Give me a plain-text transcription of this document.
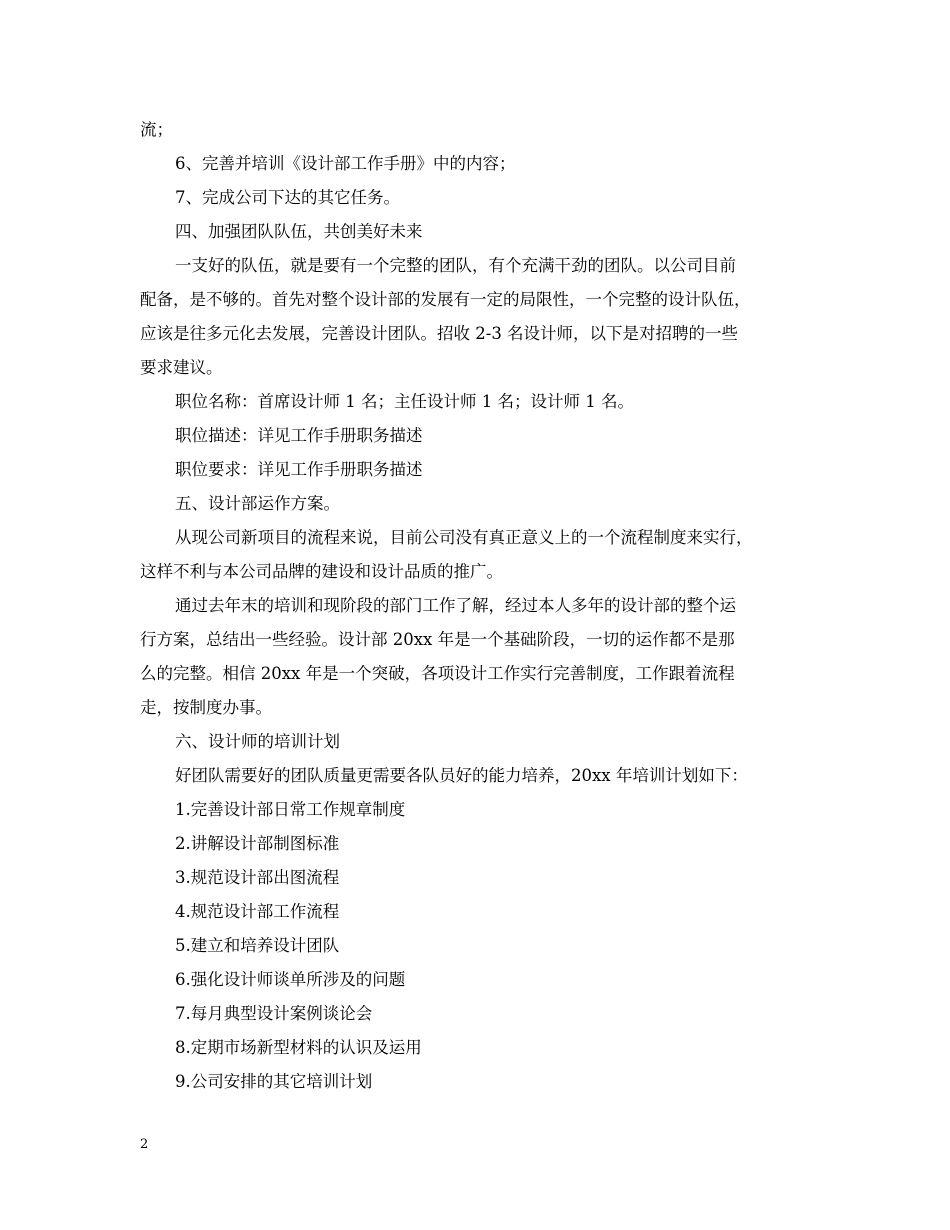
流；
6、完善并培训《设计部工作手册》中的内容；
7、完成公司下达的其它任务。
四、加强团队队伍，共创美好未来
一支好的队伍，就是要有一个完整的团队，有个充满干劲的团队。以公司目前
配备，是不够的。首先对整个设计部的发展有一定的局限性，一个完整的设计队伍，
应该是往多元化去发展，完善设计团队。招收 2-3 名设计师，以下是对招聘的一些
要求建议。
职位名称：首席设计师 1 名；主任设计师 1 名；设计师 1 名。
职位描述：详见工作手册职务描述
职位要求：详见工作手册职务描述
五、设计部运作方案。
从现公司新项目的流程来说，目前公司没有真正意义上的一个流程制度来实行，
这样不利与本公司品牌的建设和设计品质的推广。
通过去年末的培训和现阶段的部门工作了解，经过本人多年的设计部的整个运
行方案，总结出一些经验。设计部 20xx 年是一个基础阶段，一切的运作都不是那
么的完整。相信 20xx 年是一个突破，各项设计工作实行完善制度，工作跟着流程
走，按制度办事。
六、设计师的培训计划
好团队需要好的团队质量更需要各队员好的能力培养，20xx 年培训计划如下：
1.完善设计部日常工作规章制度
2.讲解设计部制图标准
3.规范设计部出图流程
4.规范设计部工作流程
5.建立和培养设计团队
6.强化设计师谈单所涉及的问题
7.每月典型设计案例谈论会
8.定期市场新型材料的认识及运用
9.公司安排的其它培训计划
2
